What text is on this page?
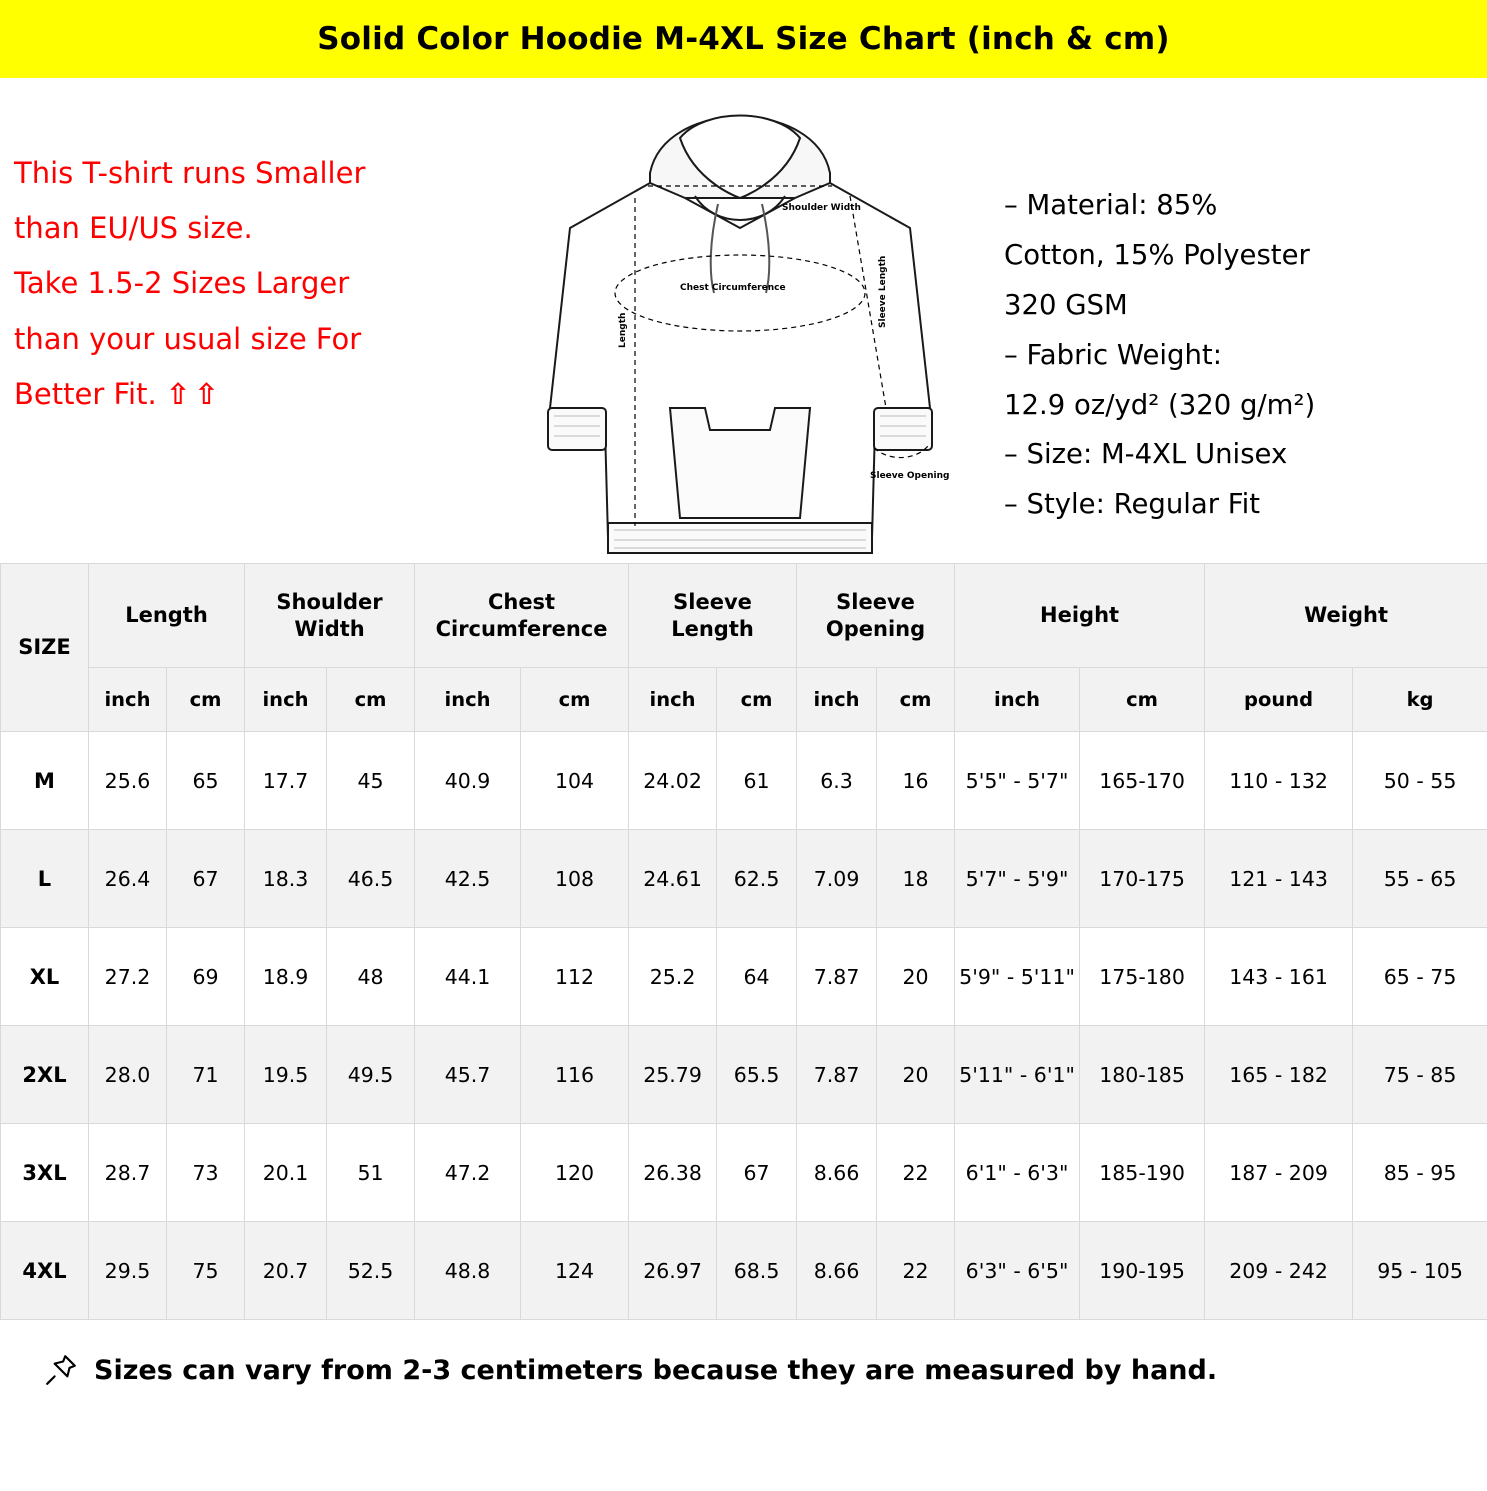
Solid Color Hoodie M-4XL Size Chart (inch & cm)

This T-shirt runs Smaller

than EU/US size.

Take 1.5-2 Sizes Larger

than your usual size For

Better Fit. ⇧⇧

Shoulder Width
Chest Circumference
Length
Sleeve Length
Sleeve Opening

– Material: 85%

Cotton, 15% Polyester

320 GSM

– Fabric Weight:

12.9 oz/yd² (320 g/m²)

– Size: M-4XL Unisex

– Style: Regular Fit

SIZE	Length		Shoulder Width		Chest Circumference		Sleeve Length		Sleeve Opening		Height		Weight	
	inch	cm	inch	cm	inch	cm	inch	cm	inch	cm	inch	cm	pound	kg
M	25.6	65	17.7	45	40.9	104	24.02	61	6.3	16	5'5" - 5'7"	165-170	110 - 132	50 - 55
L	26.4	67	18.3	46.5	42.5	108	24.61	62.5	7.09	18	5'7" - 5'9"	170-175	121 - 143	55 - 65
XL	27.2	69	18.9	48	44.1	112	25.2	64	7.87	20	5'9" - 5'11"	175-180	143 - 161	65 - 75
2XL	28.0	71	19.5	49.5	45.7	116	25.79	65.5	7.87	20	5'11" - 6'1"	180-185	165 - 182	75 - 85
3XL	28.7	73	20.1	51	47.2	120	26.38	67	8.66	22	6'1" - 6'3"	185-190	187 - 209	85 - 95
4XL	29.5	75	20.7	52.5	48.8	124	26.97	68.5	8.66	22	6'3" - 6'5"	190-195	209 - 242	95 - 105
Sizes can vary from 2-3 centimeters because they are measured by hand.
